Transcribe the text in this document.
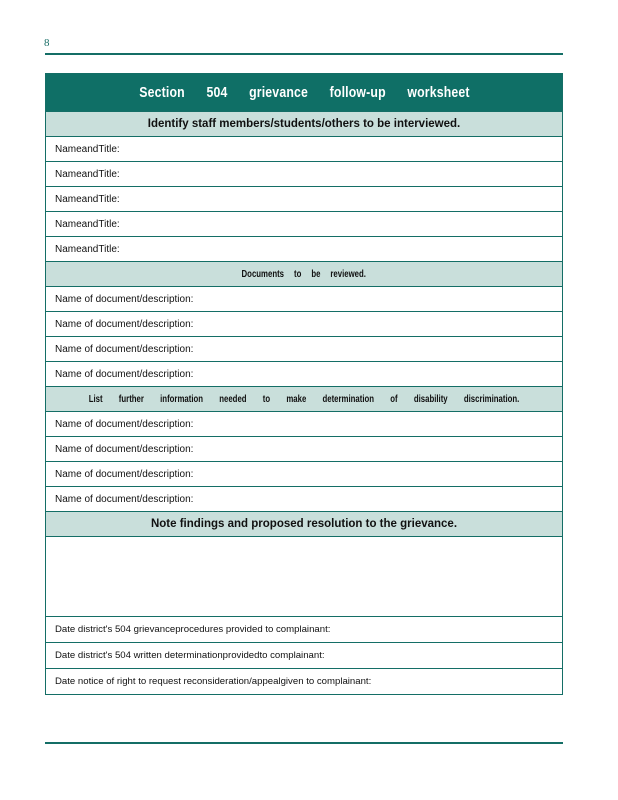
8
Section 504 grievance follow-up worksheet
Identify staff members/students/others to be interviewed.
NameandTitle:
NameandTitle:
NameandTitle:
NameandTitle:
NameandTitle:
Documents to be reviewed.
Name of document/description:
Name of document/description:
Name of document/description:
Name of document/description:
List further information needed to make determination of disability discrimination.
Name of document/description:
Name of document/description:
Name of document/description:
Name of document/description:
Note findings and proposed resolution to the grievance.
Date district's 504 grievanceprocedures provided to complainant:
Date district's 504 written determinationprovidedto complainant:
Date notice of right to request reconsideration/appealgiven to complainant:
